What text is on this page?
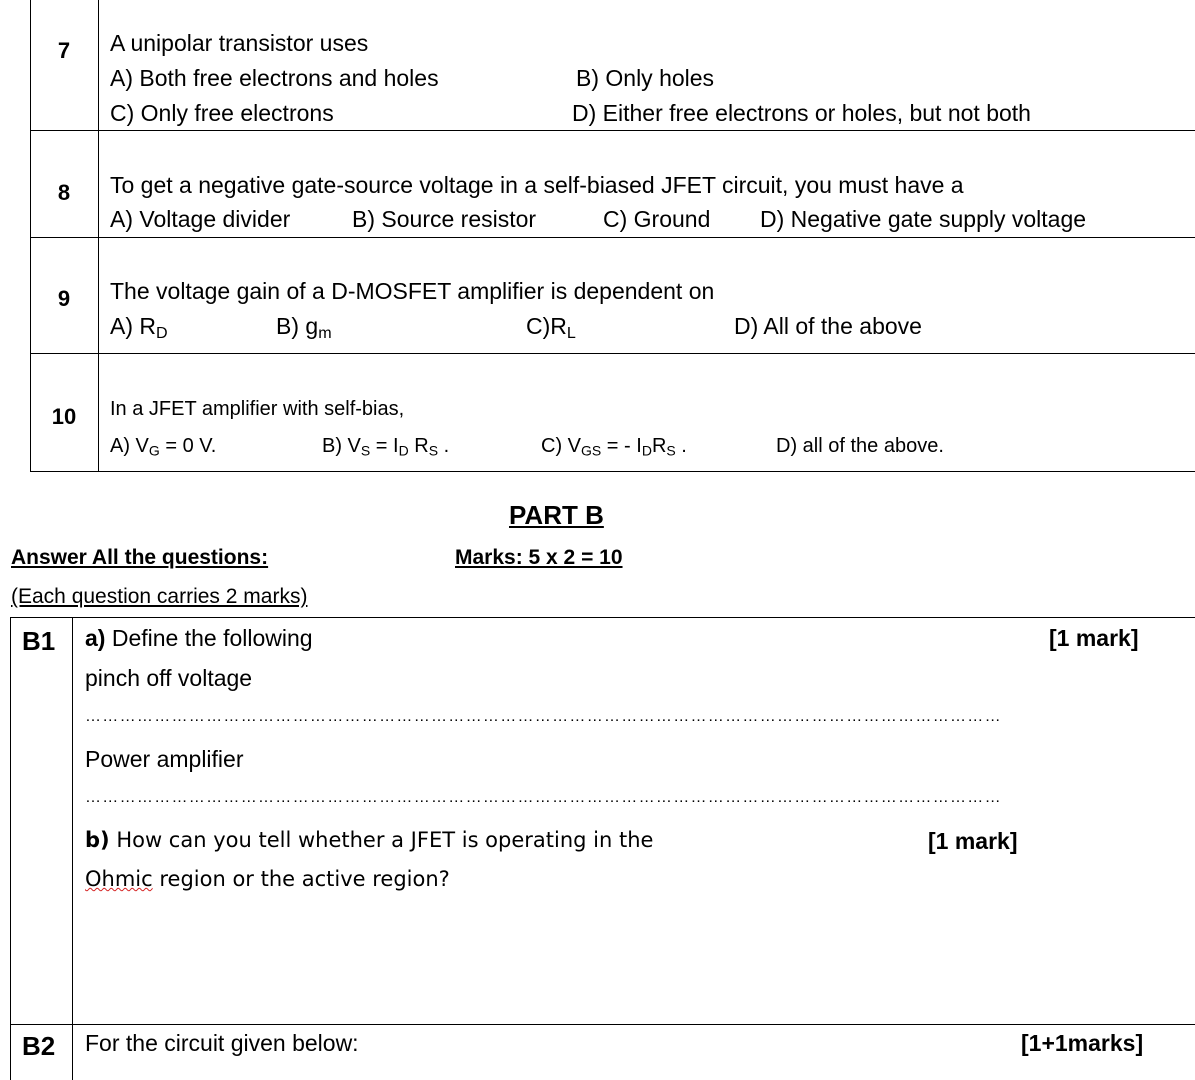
7	A unipolar transistor uses
A) Both free electrons and holes	B) Only holes
C) Only free electrons	D) Either free electrons or holes, but not both
8	To get a negative gate-source voltage in a self-biased JFET circuit, you must have a
A) Voltage divider	B) Source resistor	C) Ground D) Negative gate supply voltage
9	The voltage gain of a D-MOSFET amplifier is dependent on
A) $R_D$	B) $g_m$	$C)R_L$	D) All of the above
10	In a JFET amplifier with self-bias,
A) $V_G = 0$ V.	B) $V_S = I_D$ $R_S$ .	C) $V_{GS}$ = - $I_DR_S$ .	D) all of the above.
PART B
Answer All the questions:	Marks: 5 x 2 = 10
(Each question carries 2 marks)
B1 a) Define the following	[1 mark]
pinch off voltage
……………………………………………………………………………………………………………………………………………
Power amplifier
……………………………………………………………………………………………………………………………………………
b) How can you tell whether a JFET is operating in the	[1 mark]
Ohmic region or the active region?
B2 For the circuit given below:	[1+1marks]
